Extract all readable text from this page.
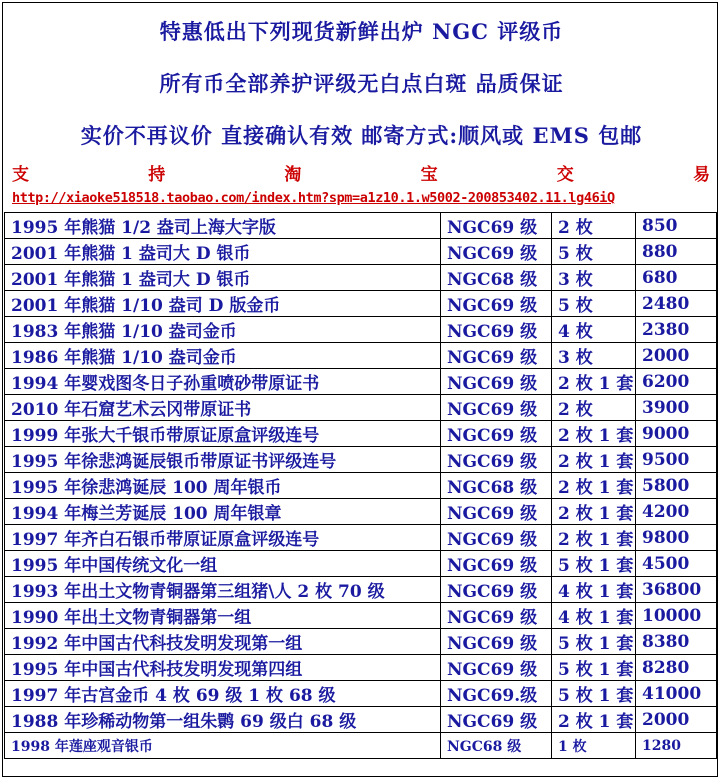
特惠低出下列现货新鲜出炉 NGC 评级币
所有币全部养护评级无白点白斑 品质保证
实价不再议价 直接确认有效 邮寄方式:顺风或 EMS 包邮
支	持	淘	宝	交	易
http://xiaoke518518.taobao.com/index.htm?spm=a1z10.1.w5002-200853402.11.lg46iQ
1995 年熊猫 1/2 盎司上海大字版	NGC69 级	2 枚	850
2001 年熊猫 1 盎司大 D 银币	NGC69 级	5 枚	880
2001 年熊猫 1 盎司大 D 银币	NGC68 级	3 枚	680
2001 年熊猫 1/10 盎司 D 版金币	NGC69 级	5 枚	2480
1983 年熊猫 1/10 盎司金币	NGC69 级	4 枚	2380
1986 年熊猫 1/10 盎司金币	NGC69 级	3 枚	2000
1994 年婴戏图冬日子孙重喷砂带原证书	NGC69 级	2 枚 1 套	6200
2010 年石窟艺术云冈带原证书	NGC69 级	2 枚	3900
1999 年张大千银币带原证原盒评级连号	NGC69 级	2 枚 1 套	9000
1995 年徐悲鸿诞辰银币带原证书评级连号	NGC69 级	2 枚 1 套	9500
1995 年徐悲鸿诞辰 100 周年银币	NGC68 级	2 枚 1 套	5800
1994 年梅兰芳诞辰 100 周年银章	NGC69 级	2 枚 1 套	4200
1997 年齐白石银币带原证原盒评级连号	NGC69 级	2 枚 1 套	9800
1995 年中国传统文化一组	NGC69 级	5 枚 1 套	4500
1993 年出土文物青铜器第三组猪\人 2 枚 70 级	NGC69 级	4 枚 1 套	36800
1990 年出土文物青铜器第一组	NGC69 级	4 枚 1 套	10000
1992 年中国古代科技发明发现第一组	NGC69 级	5 枚 1 套	8380
1995 年中国古代科技发明发现第四组	NGC69 级	5 枚 1 套	8280
1997 年古宫金币 4 枚 69 级 1 枚 68 级	NGC69.级	5 枚 1 套	41000
1988 年珍稀动物第一组朱鹮 69 级白 68 级	NGC69 级	2 枚 1 套	2000
1998 年莲座观音银币	NGC68 级	1 枚	1280
